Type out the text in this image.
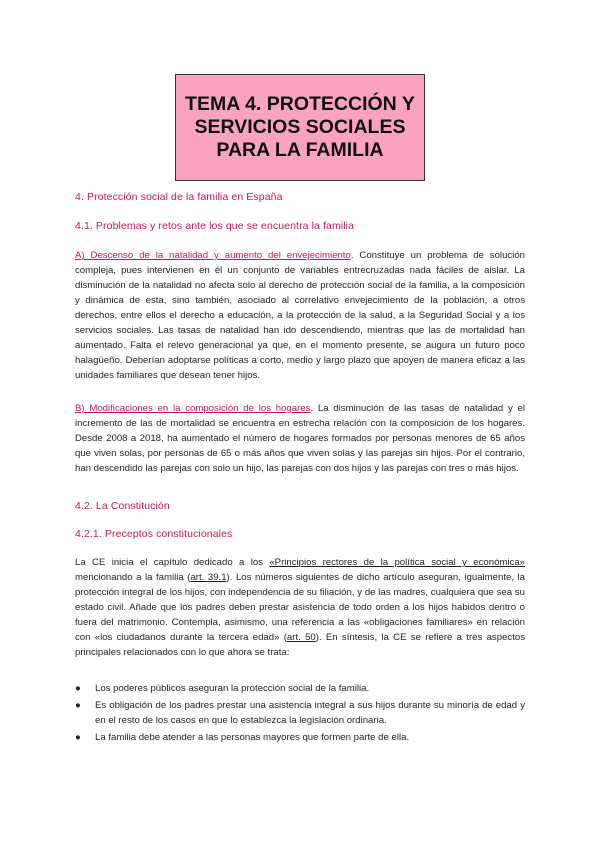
TEMA 4. PROTECCIÓN Y
SERVICIOS SOCIALES
PARA LA FAMILIA
4. Protección social de la familia en España
4.1. Problemas y retos ante los que se encuentra la familia
A) Descenso de la natalidad y aumento del envejecimiento. Constituye un problema de solución compleja, pues intervienen en él un conjunto de variables entrecruzadas nada fáciles de aislar. La disminución de la natalidad no afecta solo al derecho de protección social de la familia, a la composición y dinámica de esta, sino también, asociado al correlativo envejecimiento de la población, a otros derechos, entre ellos el derecho a educación, a la protección de la salud, a la Seguridad Social y a los servicios sociales. Las tasas de natalidad han ido descendiendo, mientras que las de mortalidad han aumentado. Falta el relevo generacional ya que, en el momento presente, se augura un futuro poco halagüeño. Deberían adoptarse políticas a corto, medio y largo plazo que apoyen de manera eficaz a las unidades familiares que desean tener hijos.
B) Modificaciones en la composición de los hogares. La disminución de las tasas de natalidad y el incremento de las de mortalidad se encuentra en estrecha relación con la composición de los hogares. Desde 2008 a 2018, ha aumentado el número de hogares formados por personas menores de 65 años que viven solas, por personas de 65 o más años que viven solas y las parejas sin hijos. Por el contrario, han descendido las parejas con solo un hijo, las parejas con dos hijos y las parejas con tres o más hijos.
4.2. La Constitución
4.2.1. Preceptos constitucionales
La CE inicia el capítulo dedicado a los «Principios rectores de la política social y económica» mencionando a la familia (art. 39.1). Los números siguientes de dicho artículo aseguran, igualmente, la protección integral de los hijos, con independencia de su filiación, y de las madres, cualquiera que sea su estado civil. Añade que los padres deben prestar asistencia de todo orden a los hijos habidos dentro o fuera del matrimonio. Contempla, asimismo, una referencia a las «obligaciones familiares» en relación con «los ciudadanos durante la tercera edad» (art. 50). En síntesis, la CE se refiere a tres aspectos principales relacionados con lo que ahora se trata:
● Los poderes públicos aseguran la protección social de la familia.
● Es obligación de los padres prestar una asistencia integral a sus hijos durante su minoría de edad y en el resto de los casos en que lo establezca la legislación ordinaria.
● La familia debe atender a las personas mayores que formen parte de ella.
